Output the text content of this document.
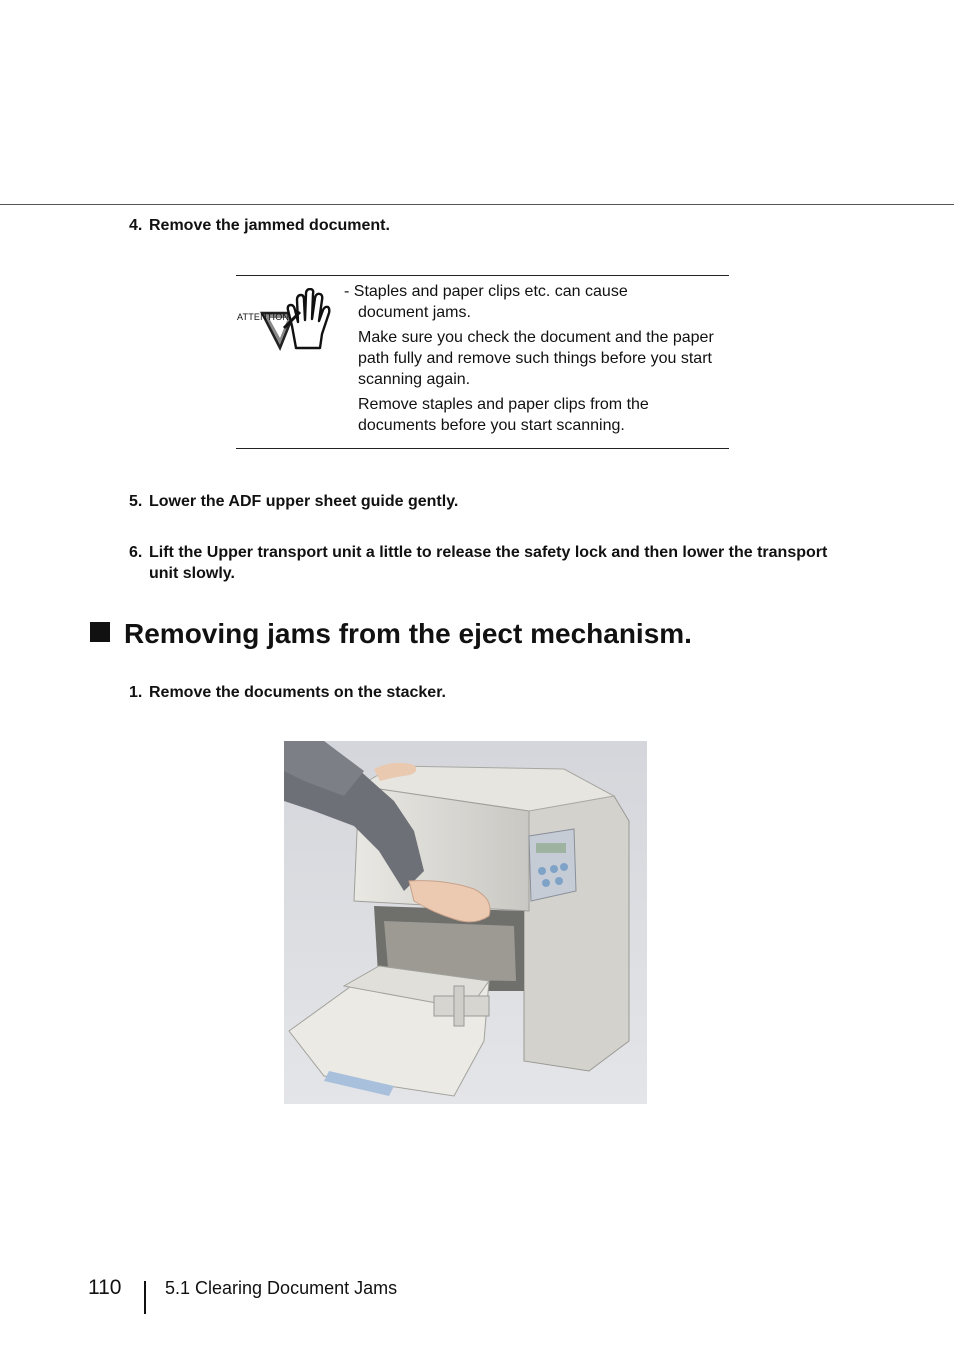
4. Remove the jammed document.
ATTENTION

- Staples and paper clips etc. can cause

document jams.

Make sure you check the document and the paper path fully and remove such things before you start scanning again.

Remove staples and paper clips from the documents before you start scanning.

5. Lower the ADF upper sheet guide gently.
6. Lift the Upper transport unit a little to release the safety lock and then lower the transport unit slowly.
Removing jams from the eject mechanism.
1. Remove the documents on the stacker.
110 5.1 Clearing Document Jams
